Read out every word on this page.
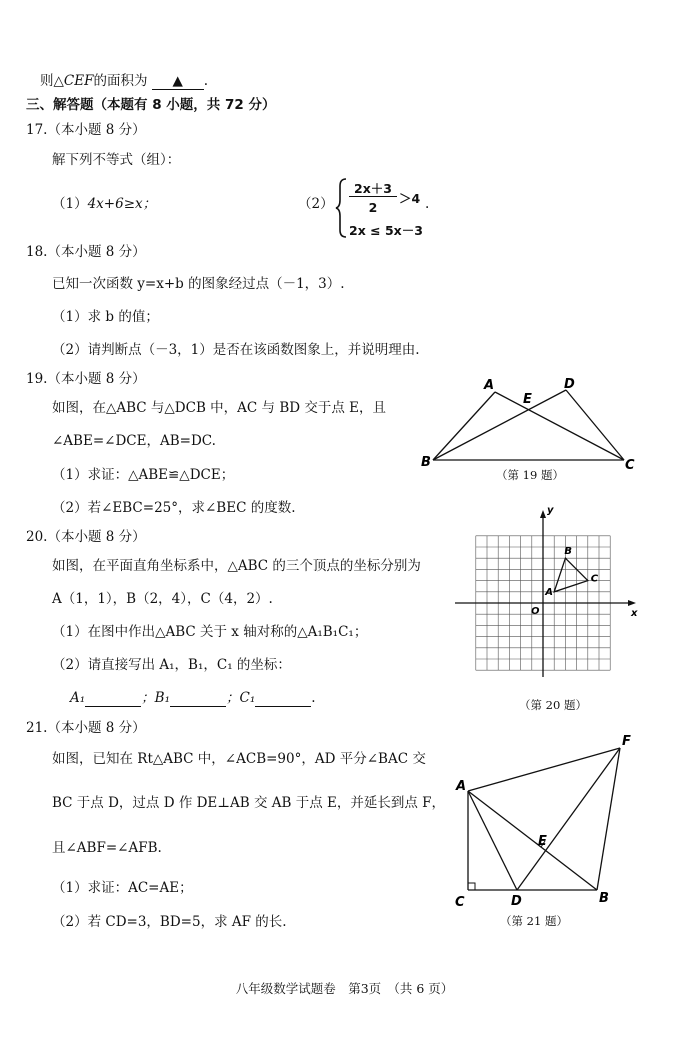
则△CEF的面积为 ▲ .
三、解答题（本题有 8 小题，共 72 分）
17.（本小题 8 分）
解下列不等式（组）：
（1）4x+6≥x；	（2）
2x＋3
2
＞4
2x ≤ 5x－3
.
18.（本小题 8 分）
已知一次函数 y=x+b 的图象经过点（－1，3）.
（1）求 b 的值；
（2）请判断点（－3，1）是否在该函数图象上，并说明理由.
19.（本小题 8 分）
如图，在△ABC 与△DCB 中，AC 与 BD 交于点 E，且
∠ABE=∠DCE，AB=DC.
（1）求证：△ABE≌△DCE；
（2）若∠EBC=25°，求∠BEC 的度数.
A	D
E
B	C
（第 19 题）
20.（本小题 8 分）
如图，在平面直角坐标系中，△ABC 的三个顶点的坐标分别为
A（1，1），B（2，4），C（4，2）.
（1）在图中作出△ABC 关于 x 轴对称的△A₁B₁C₁；
（2）请直接写出 A₁，B₁，C₁ 的坐标：
A₁	；B₁	；C₁	.
x
y
O
A
B
C
（第 20 题）
21.（本小题 8 分）
如图，已知在 Rt△ABC 中，∠ACB=90°，AD 平分∠BAC 交
BC 于点 D，过点 D 作 DE⊥AB 交 AB 于点 E，并延长到点 F，
且∠ABF=∠AFB.
（1）求证：AC=AE；
（2）若 CD=3，BD=5，求 AF 的长.
A
F
E
C	D	B
（第 21 题）
八年级数学试题卷　第3页　（共 6 页）
